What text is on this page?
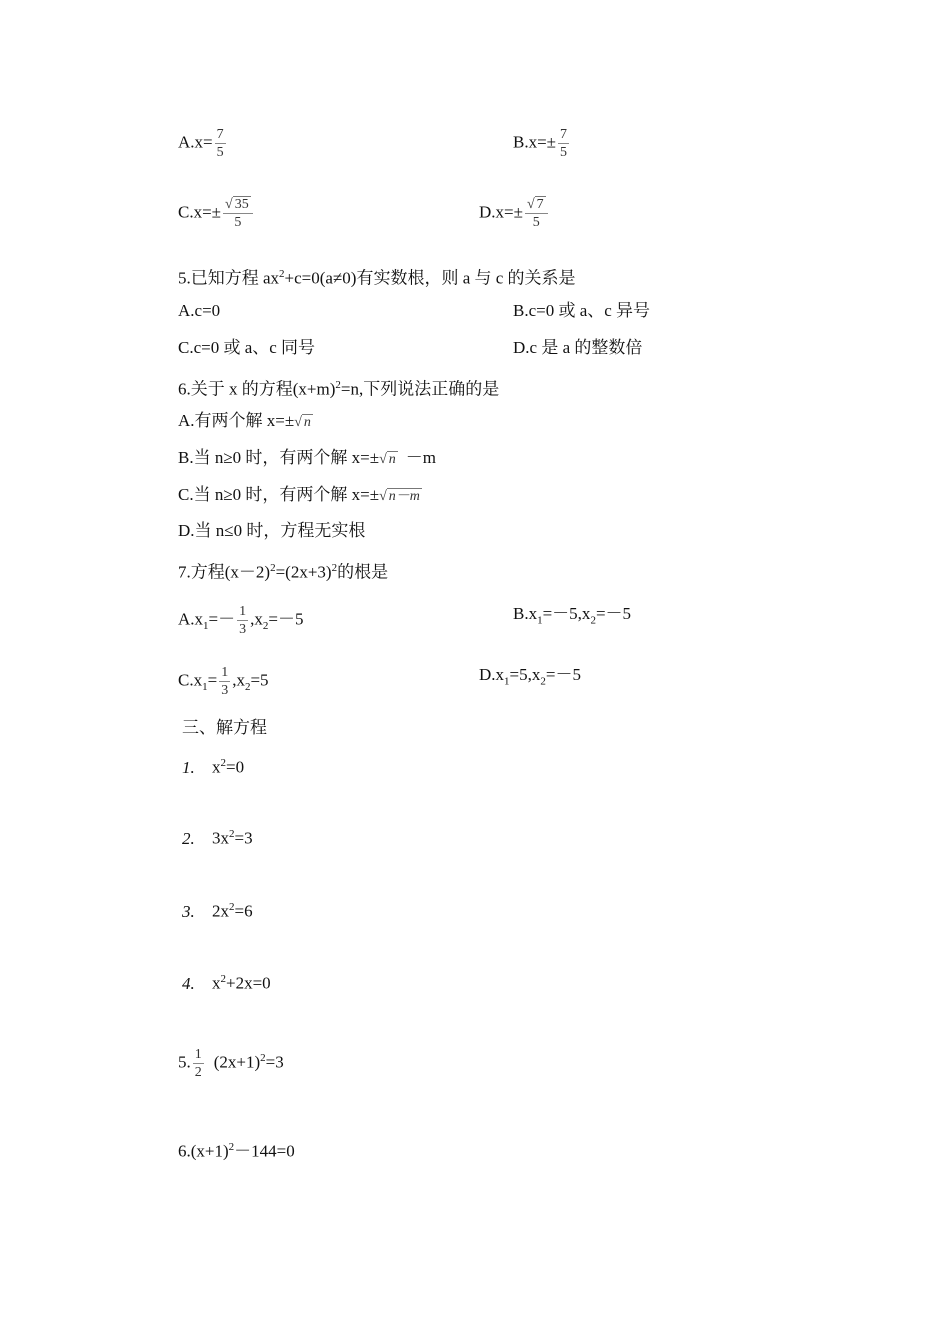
$A.x= \frac{7}{5}$	$B.x=\pm \frac{7}{5}$
$C.x=\pm \frac{√ 35}{5}$	$D.x=\pm \frac{√ 7}{5}$
5.已知方程 $ax^2+c=0(a\ne 0)$有实数根，则 a 与 c 的关系是
A.c=0	B.c=0 或 a、c 异号
C.c=0 或 a、c 同号	D.c 是 a 的整数倍
6.关于 x 的方程$(x+m)^2=n$,下列说法正确的是
A.有两个解 x=±√ n
B.当 n≥0 时，有两个解 x=±√ n －m
C.当 n≥0 时，有两个解 x=±√ n－m
D.当 n≤0 时，方程无实根
7.方程$(x-2)^2=(2x+3)^2$的根是
$A.x_1=- \frac{1}{3} ,x_2=-5$	$B.x_1=-5,x_2=-5$
$C.x_1= \frac{1}{3} ,x_2=5$	$D.x_1=5,x_2=-5$
三、解方程
1. $x^2=0$
2. $3x^2=3$
3. $2x^2=6$
4. $x^2+2x=0$
5. $\frac{1}{2} (2x+1)^2=3$
$6.(x+1)^2-144=0$
